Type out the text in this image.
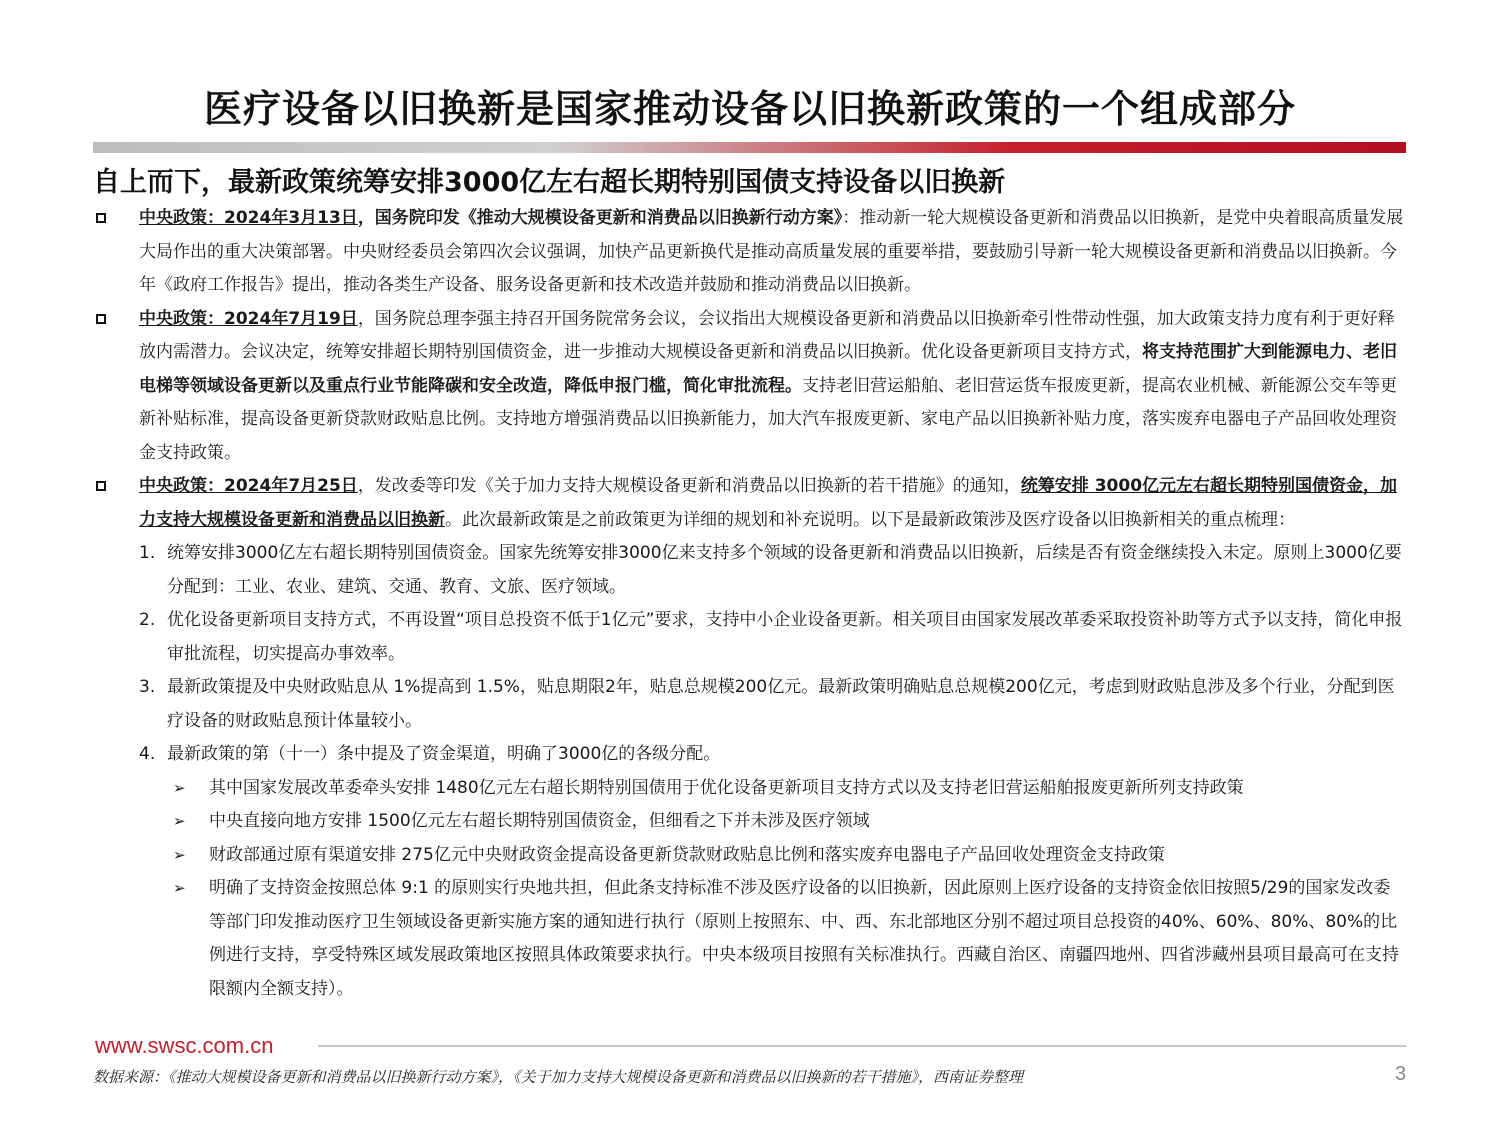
医疗设备以旧换新是国家推动设备以旧换新政策的一个组成部分
自上而下，最新政策统筹安排3000亿左右超长期特别国债支持设备以旧换新
中央政策：2024年3月13日，国务院印发《推动大规模设备更新和消费品以旧换新行动方案》：推动新一轮大规模设备更新和消费品以旧换新，是党中央着眼高质量发展大局作出的重大决策部署。中央财经委员会第四次会议强调，加快产品更新换代是推动高质量发展的重要举措，要鼓励引导新一轮大规模设备更新和消费品以旧换新。今年《政府工作报告》提出，推动各类生产设备、服务设备更新和技术改造并鼓励和推动消费品以旧换新。
中央政策：2024年7月19日，国务院总理李强主持召开国务院常务会议，会议指出大规模设备更新和消费品以旧换新牵引性带动性强，加大政策支持力度有利于更好释放内需潜力。会议决定，统筹安排超长期特别国债资金，进一步推动大规模设备更新和消费品以旧换新。优化设备更新项目支持方式，将支持范围扩大到能源电力、老旧电梯等领域设备更新以及重点行业节能降碳和安全改造，降低申报门槛，简化审批流程。支持老旧营运船舶、老旧营运货车报废更新，提高农业机械、新能源公交车等更新补贴标准，提高设备更新贷款财政贴息比例。支持地方增强消费品以旧换新能力，加大汽车报废更新、家电产品以旧换新补贴力度，落实废弃电器电子产品回收处理资金支持政策。
中央政策：2024年7月25日，发改委等印发《关于加力支持大规模设备更新和消费品以旧换新的若干措施》的通知，统筹安排 3000亿元左右超长期特别国债资金，加力支持大规模设备更新和消费品以旧换新。此次最新政策是之前政策更为详细的规划和补充说明。以下是最新政策涉及医疗设备以旧换新相关的重点梳理：
1. 统筹安排3000亿左右超长期特别国债资金。国家先统筹安排3000亿来支持多个领域的设备更新和消费品以旧换新，后续是否有资金继续投入未定。原则上3000亿要分配到：工业、农业、建筑、交通、教育、文旅、医疗领域。
2. 优化设备更新项目支持方式，不再设置“项目总投资不低于1亿元”要求，支持中小企业设备更新。相关项目由国家发展改革委采取投资补助等方式予以支持，简化申报审批流程，切实提高办事效率。
3. 最新政策提及中央财政贴息从 1%提高到 1.5%，贴息期限2年，贴息总规模200亿元。最新政策明确贴息总规模200亿元，考虑到财政贴息涉及多个行业，分配到医疗设备的财政贴息预计体量较小。
4. 最新政策的第（十一）条中提及了资金渠道，明确了3000亿的各级分配。
➢ 其中国家发展改革委牵头安排 1480亿元左右超长期特别国债用于优化设备更新项目支持方式以及支持老旧营运船舶报废更新所列支持政策
➢ 中央直接向地方安排 1500亿元左右超长期特别国债资金，但细看之下并未涉及医疗领域
➢ 财政部通过原有渠道安排 275亿元中央财政资金提高设备更新贷款财政贴息比例和落实废弃电器电子产品回收处理资金支持政策
➢ 明确了支持资金按照总体 9:1 的原则实行央地共担，但此条支持标准不涉及医疗设备的以旧换新，因此原则上医疗设备的支持资金依旧按照5/29的国家发改委等部门印发推动医疗卫生领域设备更新实施方案的通知进行执行（原则上按照东、中、西、东北部地区分别不超过项目总投资的40%、60%、80%、80%的比例进行支持，享受特殊区域发展政策地区按照具体政策要求执行。中央本级项目按照有关标准执行。西藏自治区、南疆四地州、四省涉藏州县项目最高可在支持限额内全额支持）。
www.swsc.com.cn
数据来源：《推动大规模设备更新和消费品以旧换新行动方案》，《关于加力支持大规模设备更新和消费品以旧换新的若干措施》，西南证券整理	3
